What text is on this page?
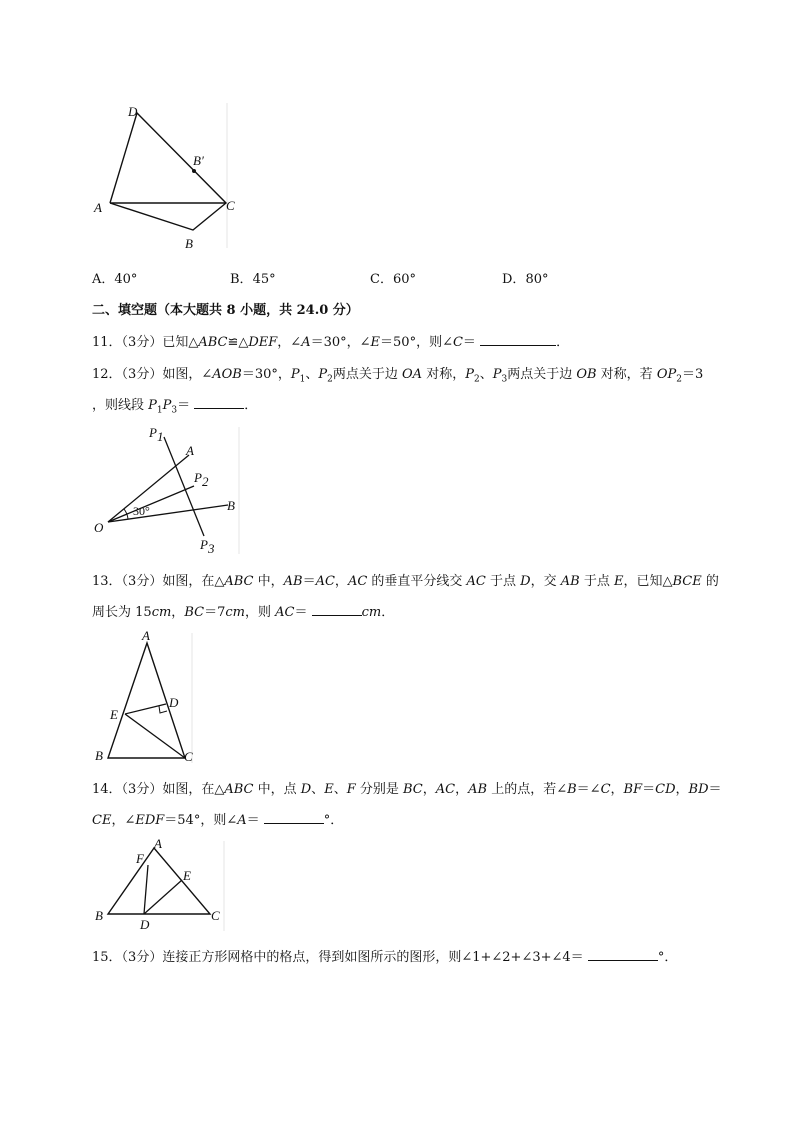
D
B′
A	C
B
A．40°	B．45°	C．60°	D．80°
二、填空题（本大题共 8 小题，共 24.0 分）
11．（3分）已知△ABC≌△DEF，∠A＝30°，∠E＝50°，则∠C＝	．
12．（3分）如图，∠AOB＝30°，$P_1$、$P_2$两点关于边 OA 对称，$P_2$、$P_3$两点关于边 OB 对称，若 $OP_2=3$
，则线段 $P_1P_3=$	．
P1
A
P2
B
O
30°
P3
13．（3分）如图，在△ABC 中，AB＝AC，AC 的垂直平分线交 AC 于点 D，交 AB 于点 E，已知△BCE 的
周长为 15cm，BC＝7cm，则 AC＝	cm．
A
D
E
B	C
14．（3分）如图，在△ABC 中，点 D、E、F 分别是 BC，AC，AB 上的点，若∠B＝∠C，BF＝CD，BD＝
CE，∠EDF＝54°，则∠A＝	°．
A
F
E
B
D
C
15．（3分）连接正方形网格中的格点，得到如图所示的图形，则∠1+∠2+∠3+∠4＝	°．
